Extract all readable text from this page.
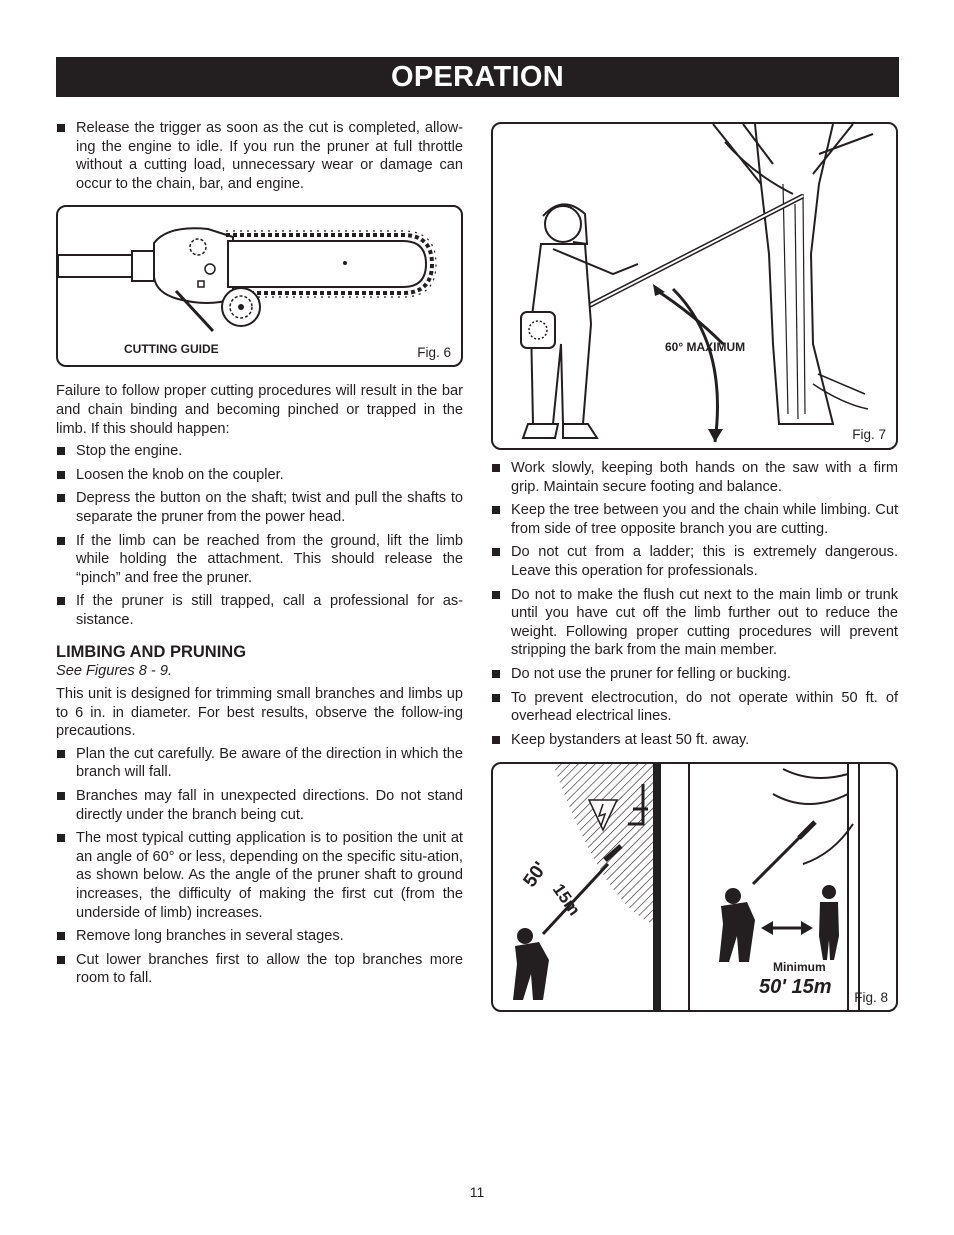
OPERATION
Release the trigger as soon as the cut is completed, allow-ing the engine to idle. If you run the pruner at full throttle without a cutting load, unnecessary wear or damage can occur to the chain, bar, and engine.
CUTTING GUIDE	Fig. 6

Failure to follow proper cutting procedures will result in the bar and chain binding and becoming pinched or trapped in the limb. If this should happen:

Stop the engine.
Loosen the knob on the coupler.
Depress the button on the shaft; twist and pull the shafts to separate the pruner from the power head.
If the limb can be reached from the ground, lift the limb while holding the attachment. This should release the “pinch” and free the pruner.
If the pruner is still trapped, call a professional for as-sistance.
LIMBING AND PRUNING
See Figures 8 - 9.

This unit is designed for trimming small branches and limbs up to 6 in. in diameter. For best results, observe the follow-ing precautions.

Plan the cut carefully. Be aware of the direction in which the branch will fall.
Branches may fall in unexpected directions. Do not stand directly under the branch being cut.
The most typical cutting application is to position the unit at an angle of 60° or less, depending on the specific situ-ation, as shown below. As the angle of the pruner shaft to ground increases, the difficulty of making the first cut (from the underside of limb) increases.
Remove long branches in several stages.
Cut lower branches first to allow the top branches more room to fall.
60° MAXIMUM
Fig. 7
Work slowly, keeping both hands on the saw with a firm grip. Maintain secure footing and balance.
Keep the tree between you and the chain while limbing. Cut from side of tree opposite branch you are cutting.
Do not cut from a ladder; this is extremely dangerous. Leave this operation for professionals.
Do not to make the flush cut next to the main limb or trunk until you have cut off the limb further out to reduce the weight. Following proper cutting procedures will prevent stripping the bark from the main member.
Do not use the pruner for felling or bucking.
To prevent electrocution, do not operate within 50 ft. of overhead electrical lines.
Keep bystanders at least 50 ft. away.
50'
15m
Minimum
50' 15m Fig. 8
11
